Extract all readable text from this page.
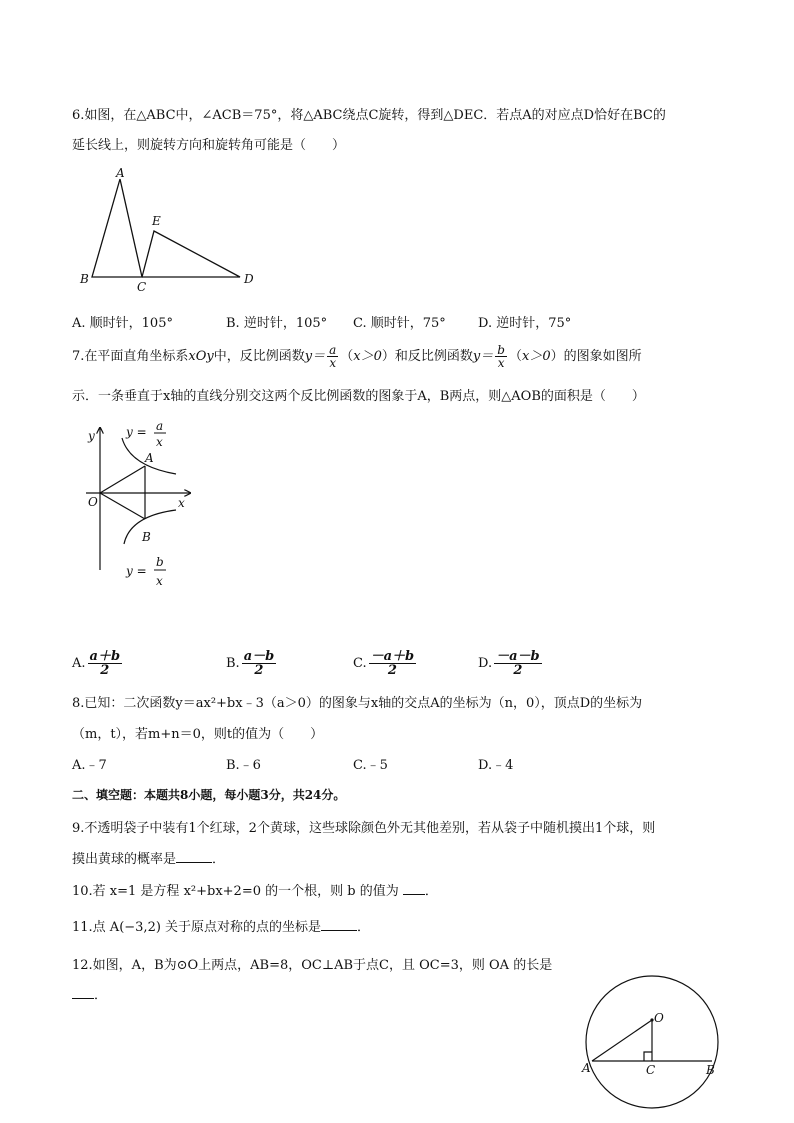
6.如图，在△ABC中，∠ACB＝75°，将△ABC绕点C旋转，得到△DEC．若点A的对应点D恰好在BC的
延长线上，则旋转方向和旋转角可能是（　　）
A
B
C
E
D
A. 顺时针，105°	B. 逆时针，105° C. 顺时针，75° D. 逆时针，75°
7.在平面直角坐标系xOy中，反比例函数$y= \frac{a}{x} (x>0)$和反比例函数$y= \frac{b}{x} (x>0)$的图象如图所
示．一条垂直于x轴的直线分别交这两个反比例函数的图象于A，B两点，则△AOB的面积是（　　）
y
x
O
A
B
y = a
x
y =
b
x
A. $\frac{a+b}{2}$	B. $\frac{a-b}{2}$	C. $\frac{-a+b}{2}$	D. $\frac{-a-b}{2}$
8.已知：二次函数y＝ax²+bx﹣3（a＞0）的图象与x轴的交点A的坐标为（n，0），顶点D的坐标为
（m，t），若m+n＝0，则t的值为（　　）
A.﹣7	B.﹣6	C.﹣5	D.﹣4
二、填空题：本题共8小题，每小题3分，共24分。
9.不透明袋子中装有1个红球，2个黄球，这些球除颜色外无其他差别，若从袋子中随机摸出1个球，则
摸出黄球的概率是	．
10.若 x=1 是方程 x²+bx+2=0 的一个根，则 b 的值为 ．
11.点 A(−3,2) 关于原点对称的点的坐标是	．
12.如图，A，B为⊙O上两点，AB=8，OC⊥AB于点C，且 OC=3，则 OA 的长是
．
O
A	C	B
